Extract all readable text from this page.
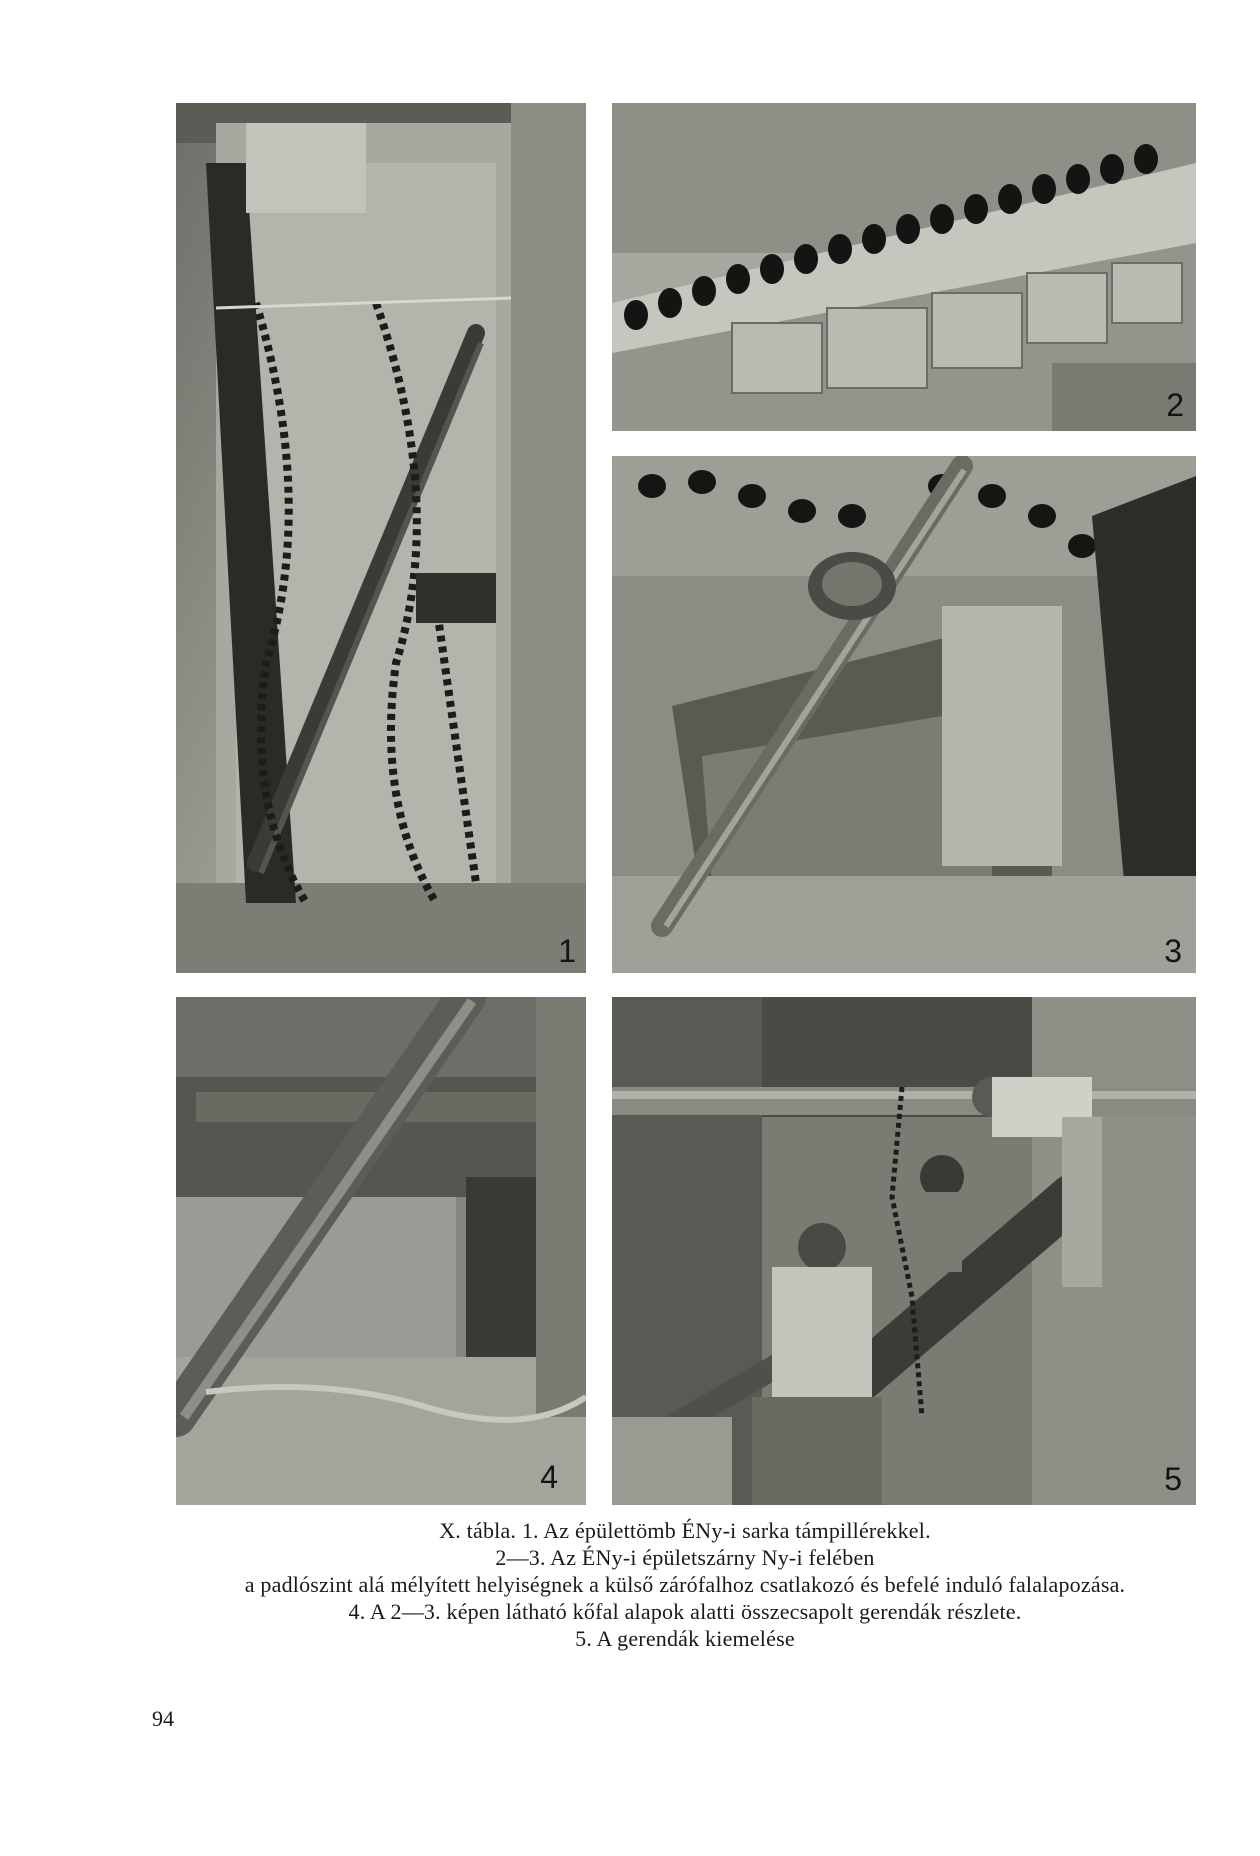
1
2
3
4	5
X. tábla. 1. Az épülettömb ÉNy-i sarka támpillérekkel.
2—3. Az ÉNy-i épületszárny Ny-i felében
a padlószint alá mélyített helyiségnek a külső zárófalhoz csatlakozó és befelé induló falalapozása.
4. A 2—3. képen látható kőfal alapok alatti összecsapolt gerendák részlete.
5. A gerendák kiemelése
94
